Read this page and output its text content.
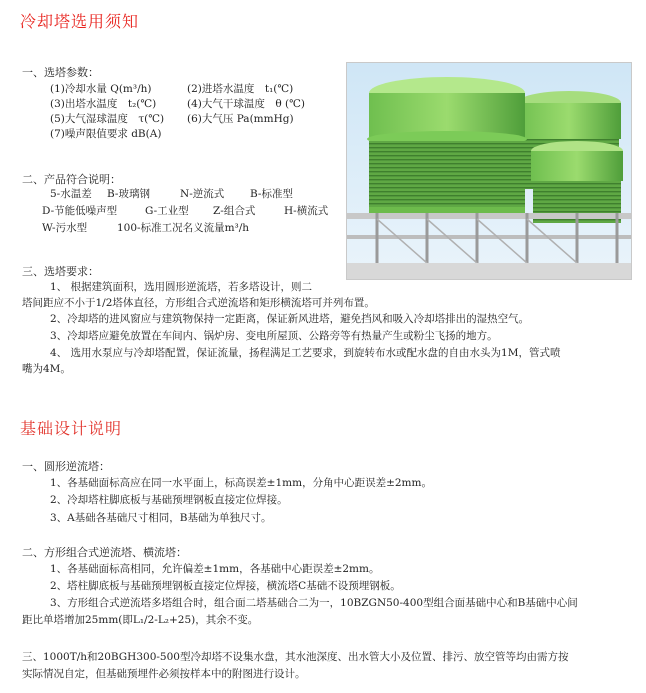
冷却塔选用须知
一、选塔参数：
(1)冷却水量 Q(m³/h)	(2)进塔水温度　t₁(℃)
(3)出塔水温度　t₂(℃)	(4)大气干球温度　θ (℃)
(5)大气湿球温度　τ(℃) (6)大气压 Pa(mmHg)
(7)噪声限值要求 dB(A)
二、产品符合说明：
5-水温差 B-玻璃钢	N-逆流式 B-标准型
D-节能低噪声型	G-工业型 Z-组合式	H-横流式
W-污水型	100-标准工况名义流量m³/h
三、选塔要求：
1、 根据建筑面积，选用圆形逆流塔，若多塔设计，则二
塔间距应不小于1/2塔体直径，方形组合式逆流塔和矩形横流塔可并列布置。
2、冷却塔的进风窗应与建筑物保持一定距离，保证新风进塔，避免挡风和吸入冷却塔排出的湿热空气。
3、冷却塔应避免放置在车间内、锅炉房、变电所屋顶、公路旁等有热量产生或粉尘飞扬的地方。
4、 选用水泵应与冷却塔配置，保证流量，扬程满足工艺要求，到旋转布水或配水盘的自由水头为1M，管式喷
嘴为4M。
基础设计说明
一、圆形逆流塔：
1、各基础面标高应在同一水平面上，标高误差±1mm，分角中心距误差±2mm。
2、冷却塔柱脚底板与基础预埋钢板直接定位焊接。
3、A基础各基础尺寸相同，B基础为单独尺寸。
二、方形组合式逆流塔、横流塔：
1、各基础面标高相同，允许偏差±1mm，各基础中心距误差±2mm。
2、塔柱脚底板与基础预埋钢板直接定位焊接，横流塔C基础不设预埋钢板。
3、方形组合式逆流塔多塔组合时，组合面二塔基础合二为一，10BZGN50-400型组合面基础中心和B基础中心间
距比单塔增加25mm(即L₁/2-L₂+25)，其余不变。
三、1000T/h和20BGH300-500型冷却塔不设集水盘，其水池深度、出水管大小及位置、排污、放空管等均由需方按
实际情况自定，但基础预埋件必须按样本中的附图进行设计。
